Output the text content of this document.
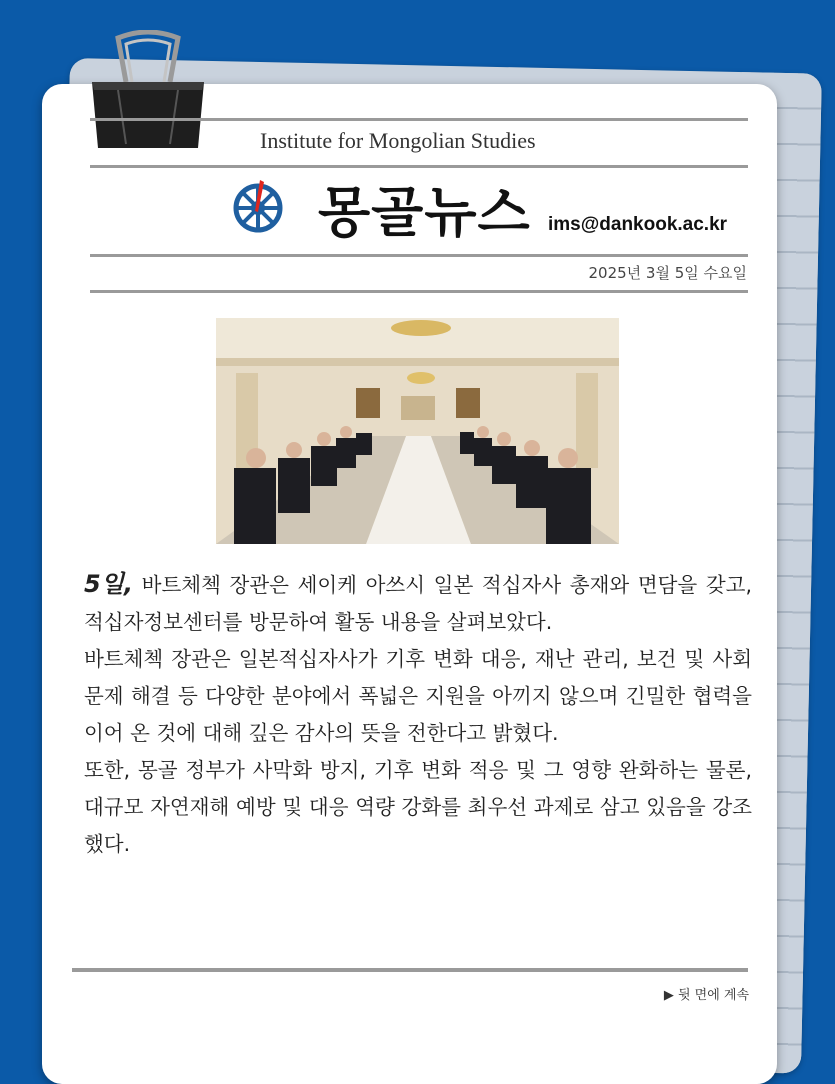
Institute for Mongolian Studies
몽골뉴스 ims@dankook.ac.kr
2025년 3월 5일 수요일

5일, 바트체첵 장관은 세이케 아쓰시 일본 적십자사 총재와 면담을 갖고, 적십자정보센터를 방문하여 활동 내용을 살펴보았다.

바트체첵 장관은 일본적십자사가 기후 변화 대응, 재난 관리, 보건 및 사회 문제 해결 등 다양한 분야에서 폭넓은 지원을 아끼지 않으며 긴밀한 협력을 이어 온 것에 대해 깊은 감사의 뜻을 전한다고 밝혔다.

또한, 몽골 정부가 사막화 방지, 기후 변화 적응 및 그 영향 완화하는 물론, 대규모 자연재해 예방 및 대응 역량 강화를 최우선 과제로 삼고 있음을 강조했다.

▶ 뒷 면에 계속
